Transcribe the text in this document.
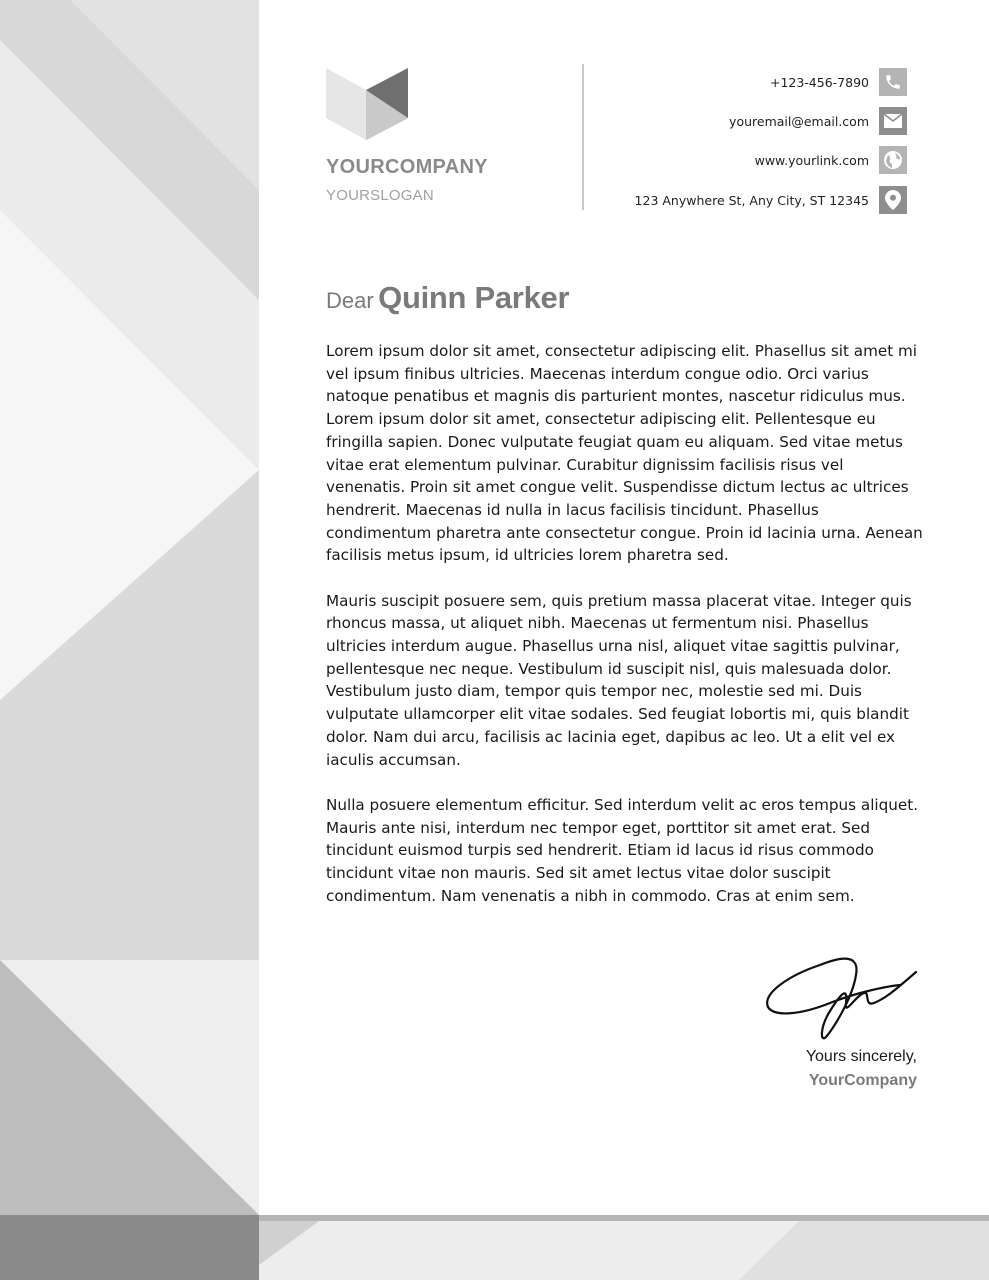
YOURCOMPANY
YOURSLOGAN
+123-456-7890
youremail@email.com
www.yourlink.com
123 Anywhere St, Any City, ST 12345
Dear Quinn Parker

Lorem ipsum dolor sit amet, consectetur adipiscing elit. Phasellus sit amet mi vel ipsum finibus ultricies. Maecenas interdum congue odio. Orci varius natoque penatibus et magnis dis parturient montes, nascetur ridiculus mus. Lorem ipsum dolor sit amet, consectetur adipiscing elit. Pellentesque eu fringilla sapien. Donec vulputate feugiat quam eu aliquam. Sed vitae metus vitae erat elementum pulvinar. Curabitur dignissim facilisis risus vel venenatis. Proin sit amet congue velit. Suspendisse dictum lectus ac ultrices hendrerit. Maecenas id nulla in lacus facilisis tincidunt. Phasellus condimentum pharetra ante consectetur congue. Proin id lacinia urna. Aenean facilisis metus ipsum, id ultricies lorem pharetra sed.

Mauris suscipit posuere sem, quis pretium massa placerat vitae. Integer quis rhoncus massa, ut aliquet nibh. Maecenas ut fermentum nisi. Phasellus ultricies interdum augue. Phasellus urna nisl, aliquet vitae sagittis pulvinar, pellentesque nec neque. Vestibulum id suscipit nisl, quis malesuada dolor. Vestibulum justo diam, tempor quis tempor nec, molestie sed mi. Duis vulputate ullamcorper elit vitae sodales. Sed feugiat lobortis mi, quis blandit dolor. Nam dui arcu, facilisis ac lacinia eget, dapibus ac leo. Ut a elit vel ex iaculis accumsan.

Nulla posuere elementum efficitur. Sed interdum velit ac eros tempus aliquet. Mauris ante nisi, interdum nec tempor eget, porttitor sit amet erat. Sed tincidunt euismod turpis sed hendrerit. Etiam id lacus id risus commodo tincidunt vitae non mauris. Sed sit amet lectus vitae dolor suscipit condimentum. Nam venenatis a nibh in commodo. Cras at enim sem.

Yours sincerely,
YourCompany
